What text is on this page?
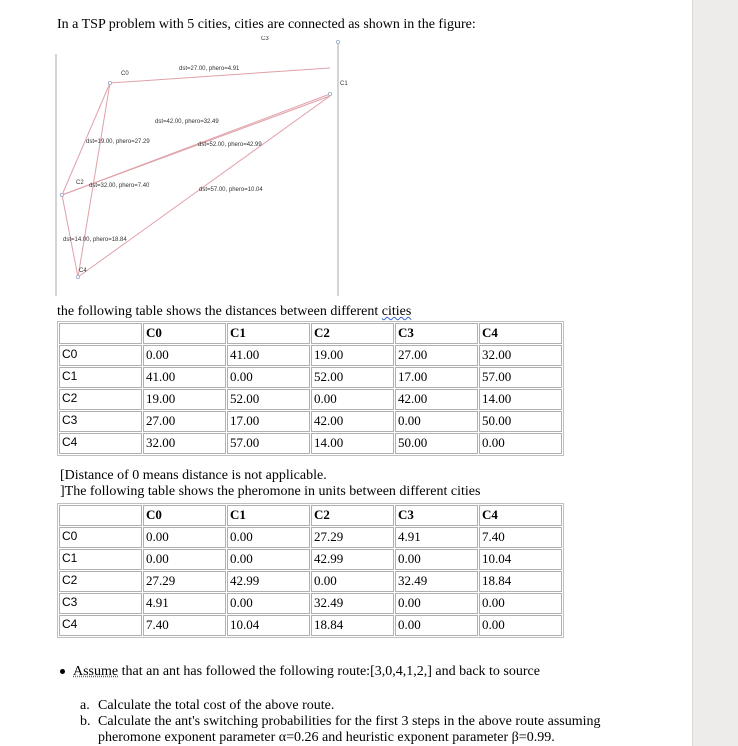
In a TSP problem with 5 cities, cities are connected as shown in the figure:
C0
C1
C2
C3
C4
dst=27.00, phero=4.91
dst=42.00, phero=32.49
dst=19.00, phero=27.29	dst=52.00, phero=42.99
dst=32.00, phero=7.40
dst=57.00, phero=10.04
dst=14.00, phero=18.84
the following table shows the distances between different cities
	C0	C1	C2	C3	C4
C0	0.00	41.00	19.00	27.00	32.00
C1	41.00	0.00	52.00	17.00	57.00
C2	19.00	52.00	0.00	42.00	14.00
C3	27.00	17.00	42.00	0.00	50.00
C4	32.00	57.00	14.00	50.00	0.00
[Distance of 0 means distance is not applicable.
]The following table shows the pheromone in units between different cities
	C0	C1	C2	C3	C4
C0	0.00	0.00	27.29	4.91	7.40
C1	0.00	0.00	42.99	0.00	10.04
C2	27.29	42.99	0.00	32.49	18.84
C3	4.91	0.00	32.49	0.00	0.00
C4	7.40	10.04	18.84	0.00	0.00
Assume that an ant has followed the following route:[3,0,4,1,2,] and back to source
a. Calculate the total cost of the above route.
b. Calculate the ant's switching probabilities for the first 3 steps in the above route assuming
pheromone exponent parameter α=0.26 and heuristic exponent parameter β=0.99.
